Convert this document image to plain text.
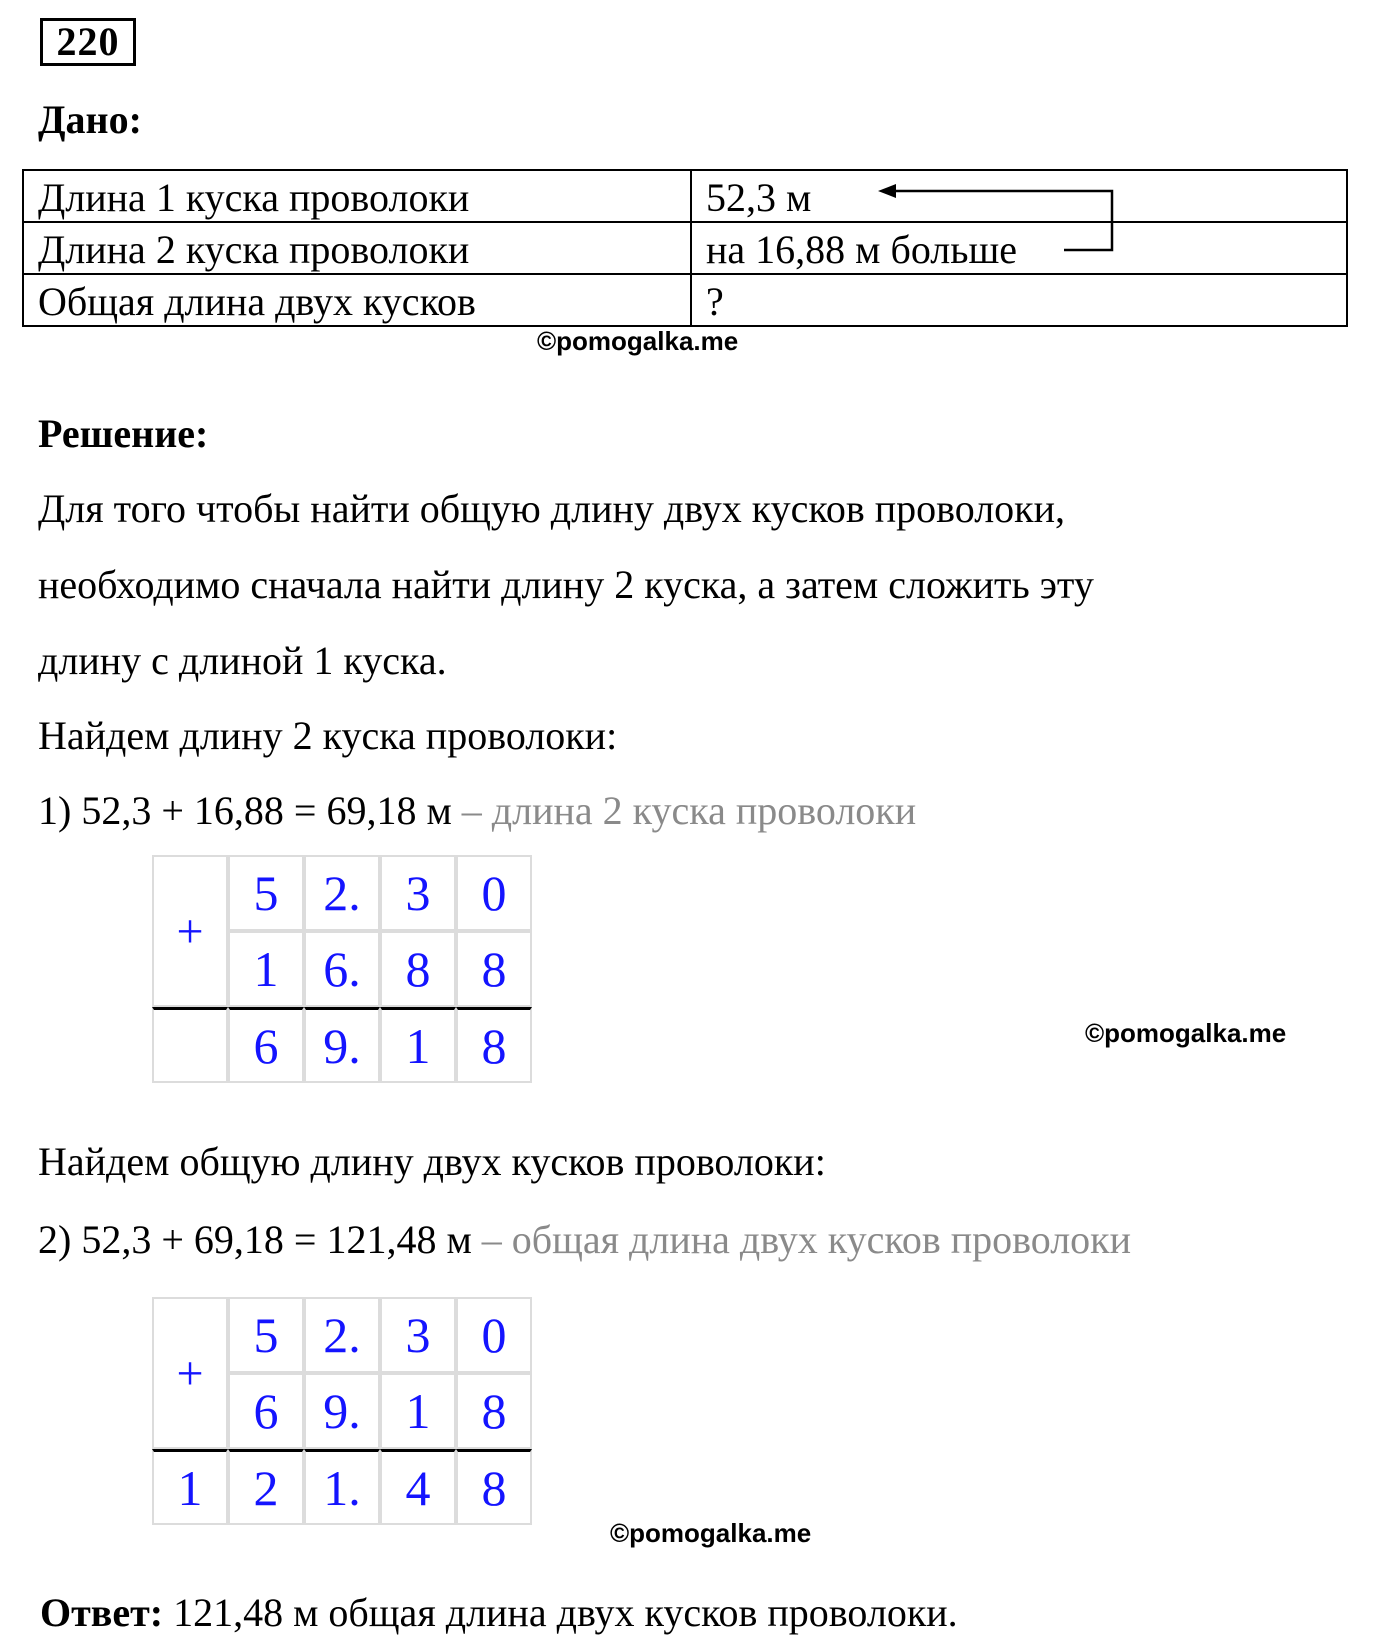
220
Дано:
Длина 1 куска проволоки	52,3 м
Длина 2 куска проволоки	на 16,88 м больше
Общая длина двух кусков	?
©pomogalka.me
Решение:
Для того чтобы найти общую длину двух кусков проволоки,
необходимо сначала найти длину 2 куска, а затем сложить эту
длину с длиной 1 куска.
Найдем длину 2 куска проволоки:
1) 52,3 + 16,88 = 69,18 м – длина 2 куска проволоки
+	5	2.	3	0
	1	6.	8	8
	6	9.	1	8	©pomogalka.me
Найдем общую длину двух кусков проволоки:
2) 52,3 + 69,18 = 121,48 м – общая длина двух кусков проволоки
+	5	2.	3	0
	6	9.	1	8
1	2	1.	4	8
©pomogalka.me
Ответ: 121,48 м общая длина двух кусков проволоки.
